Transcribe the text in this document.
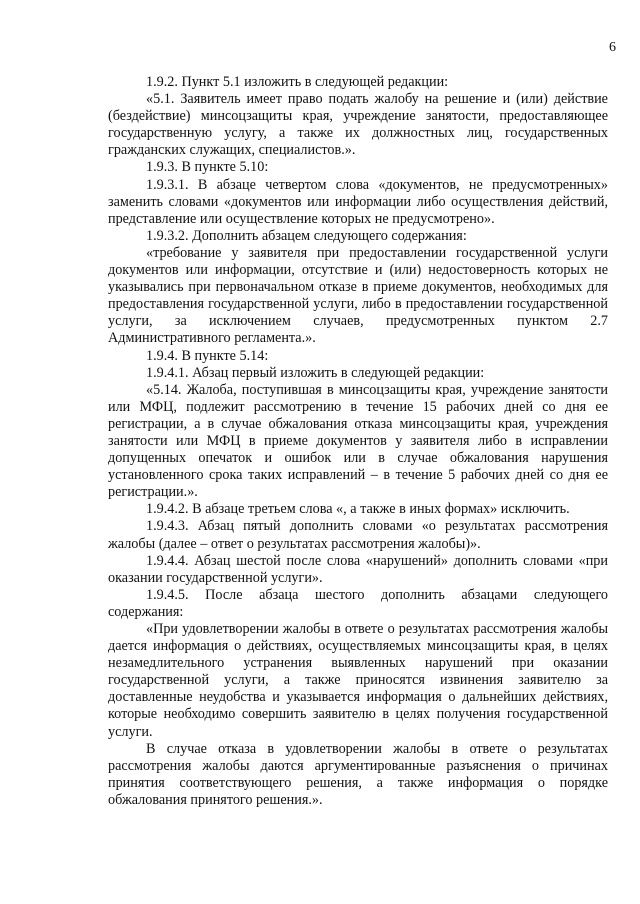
6

1.9.2. Пункт 5.1 изложить в следующей редакции:

«5.1. Заявитель имеет право подать жалобу на решение и (или) действие (бездействие) минсоцзащиты края, учреждение занятости, предоставляющее государственную услугу, а также их должностных лиц, государственных гражданских служащих, специалистов.».

1.9.3. В пункте 5.10:

1.9.3.1. В абзаце четвертом слова «документов, не предусмотренных» заменить словами «документов или информации либо осуществления действий, представление или осуществление которых не предусмотрено».

1.9.3.2. Дополнить абзацем следующего содержания:

«требование у заявителя при предоставлении государственной услуги документов или информации, отсутствие и (или) недостоверность которых не указывались при первоначальном отказе в приеме документов, необходимых для предоставления государственной услуги, либо в предоставлении государственной услуги, за исключением случаев, предусмотренных пунктом 2.7 Административного регламента.».

1.9.4. В пункте 5.14:

1.9.4.1. Абзац первый изложить в следующей редакции:

«5.14. Жалоба, поступившая в минсоцзащиты края, учреждение занятости или МФЦ, подлежит рассмотрению в течение 15 рабочих дней со дня ее регистрации, а в случае обжалования отказа минсоцзащиты края, учреждения занятости или МФЦ в приеме документов у заявителя либо в исправлении допущенных опечаток и ошибок или в случае обжалования нарушения установленного срока таких исправлений – в течение 5 рабочих дней со дня ее регистрации.».

1.9.4.2. В абзаце третьем слова «, а также в иных формах» исключить.

1.9.4.3. Абзац пятый дополнить словами «о результатах рассмотрения жалобы (далее – ответ о результатах рассмотрения жалобы)».

1.9.4.4. Абзац шестой после слова «нарушений» дополнить словами «при оказании государственной услуги».

1.9.4.5. После абзаца шестого дополнить абзацами следующего содержания:

«При удовлетворении жалобы в ответе о результатах рассмотрения жалобы дается информация о действиях, осуществляемых минсоцзащиты края, в целях незамедлительного устранения выявленных нарушений при оказании государственной услуги, а также приносятся извинения заявителю за доставленные неудобства и указывается информация о дальнейших действиях, которые необходимо совершить заявителю в целях получения государственной услуги.

В случае отказа в удовлетворении жалобы в ответе о результатах рассмотрения жалобы даются аргументированные разъяснения о причинах принятия соответствующего решения, а также информация о порядке обжалования принятого решения.».
